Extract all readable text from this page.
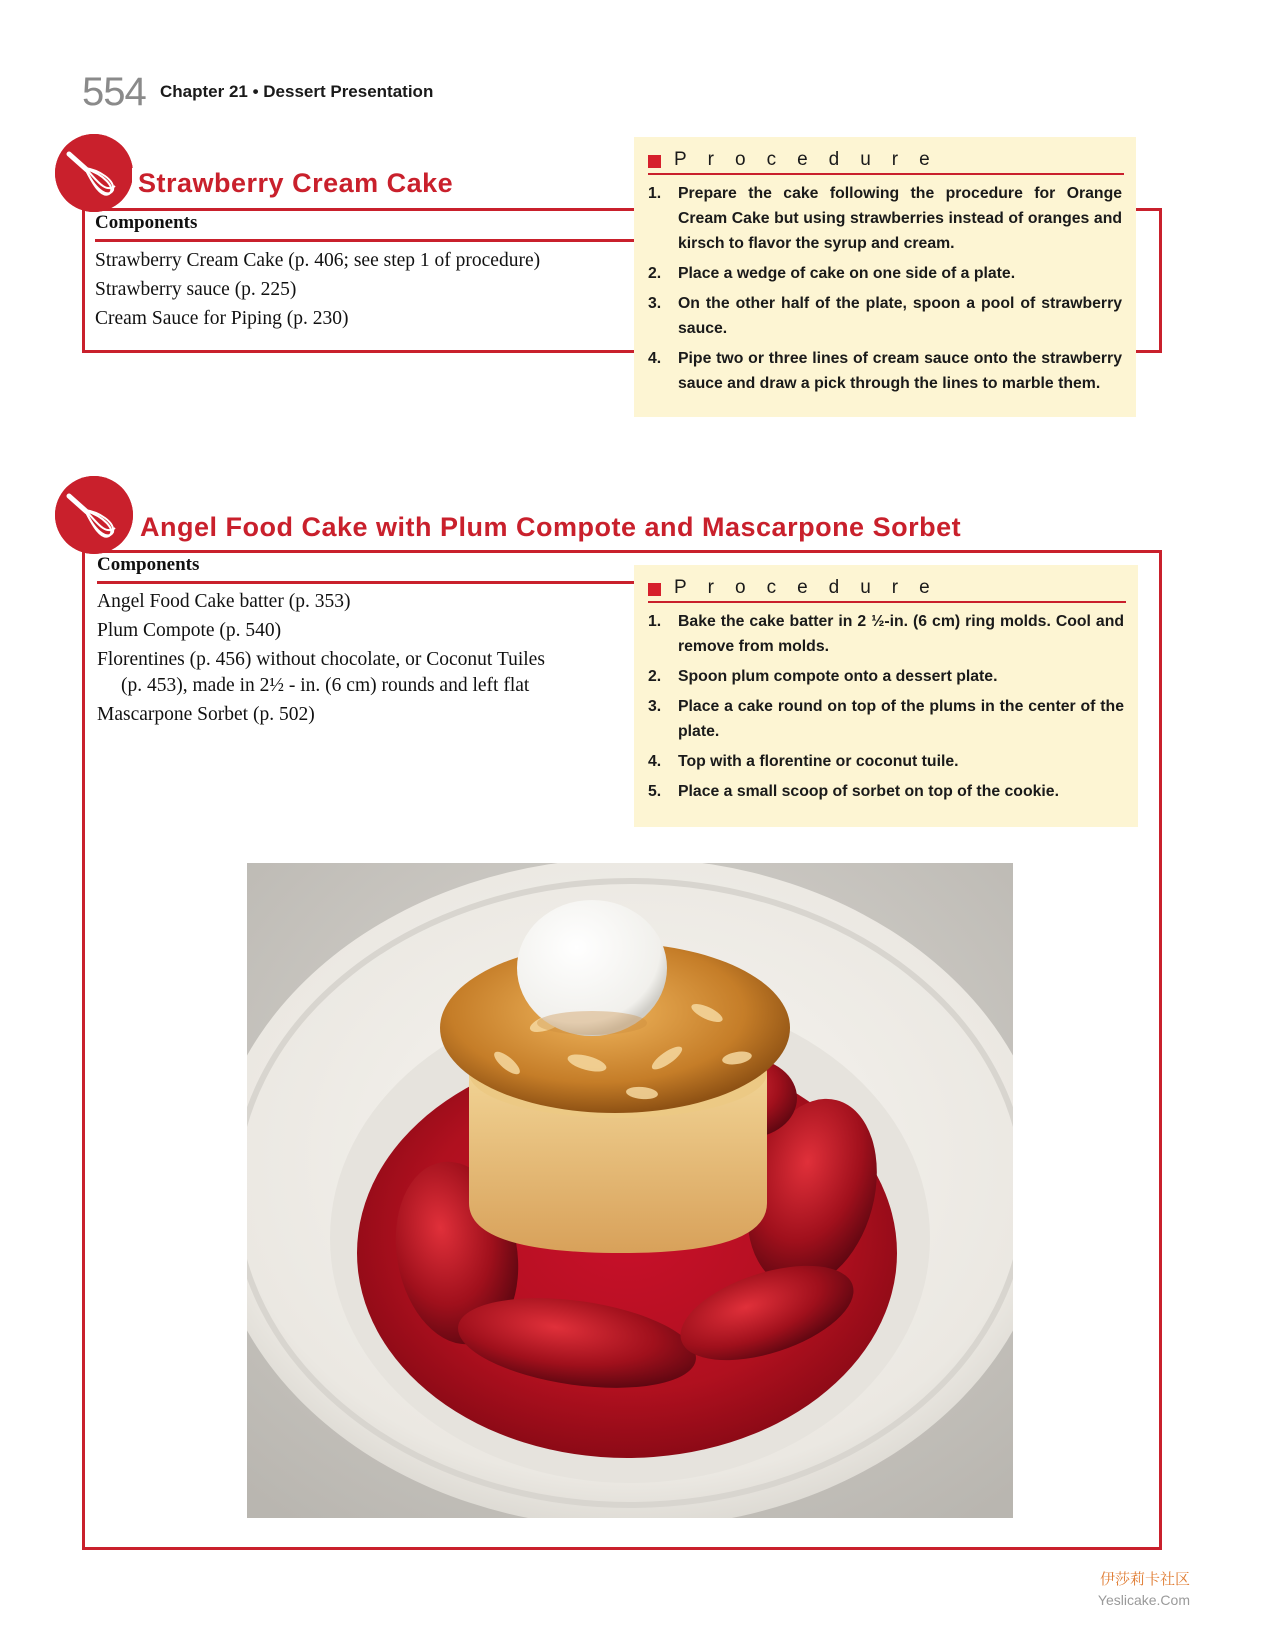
554 Chapter 21 • Dessert Presentation
Strawberry Cream Cake
Components
Strawberry Cream Cake (p. 406; see step 1 of procedure)
Strawberry sauce (p. 225)
Cream Sauce for Piping (p. 230)
Procedure
1. Prepare the cake following the procedure for Orange Cream Cake but using strawberries instead of oranges and kirsch to flavor the syrup and cream.
2. Place a wedge of cake on one side of a plate.
3. On the other half of the plate, spoon a pool of strawberry sauce.
4. Pipe two or three lines of cream sauce onto the strawberry sauce and draw a pick through the lines to marble them.
Angel Food Cake with Plum Compote and Mascarpone Sorbet
Components
Angel Food Cake batter (p. 353)
Plum Compote (p. 540)
Florentines (p. 456) without chocolate, or Coconut Tuiles
(p. 453), made in 2½ - in. (6 cm) rounds and left flat
Mascarpone Sorbet (p. 502)
Procedure
1. Bake the cake batter in 2 ½-in. (6 cm) ring molds. Cool and remove from molds.
2. Spoon plum compote onto a dessert plate.
3. Place a cake round on top of the plums in the center of the plate.
4. Top with a florentine or coconut tuile.
5. Place a small scoop of sorbet on top of the cookie.
伊莎莉卡社区
Yeslicake.Com
